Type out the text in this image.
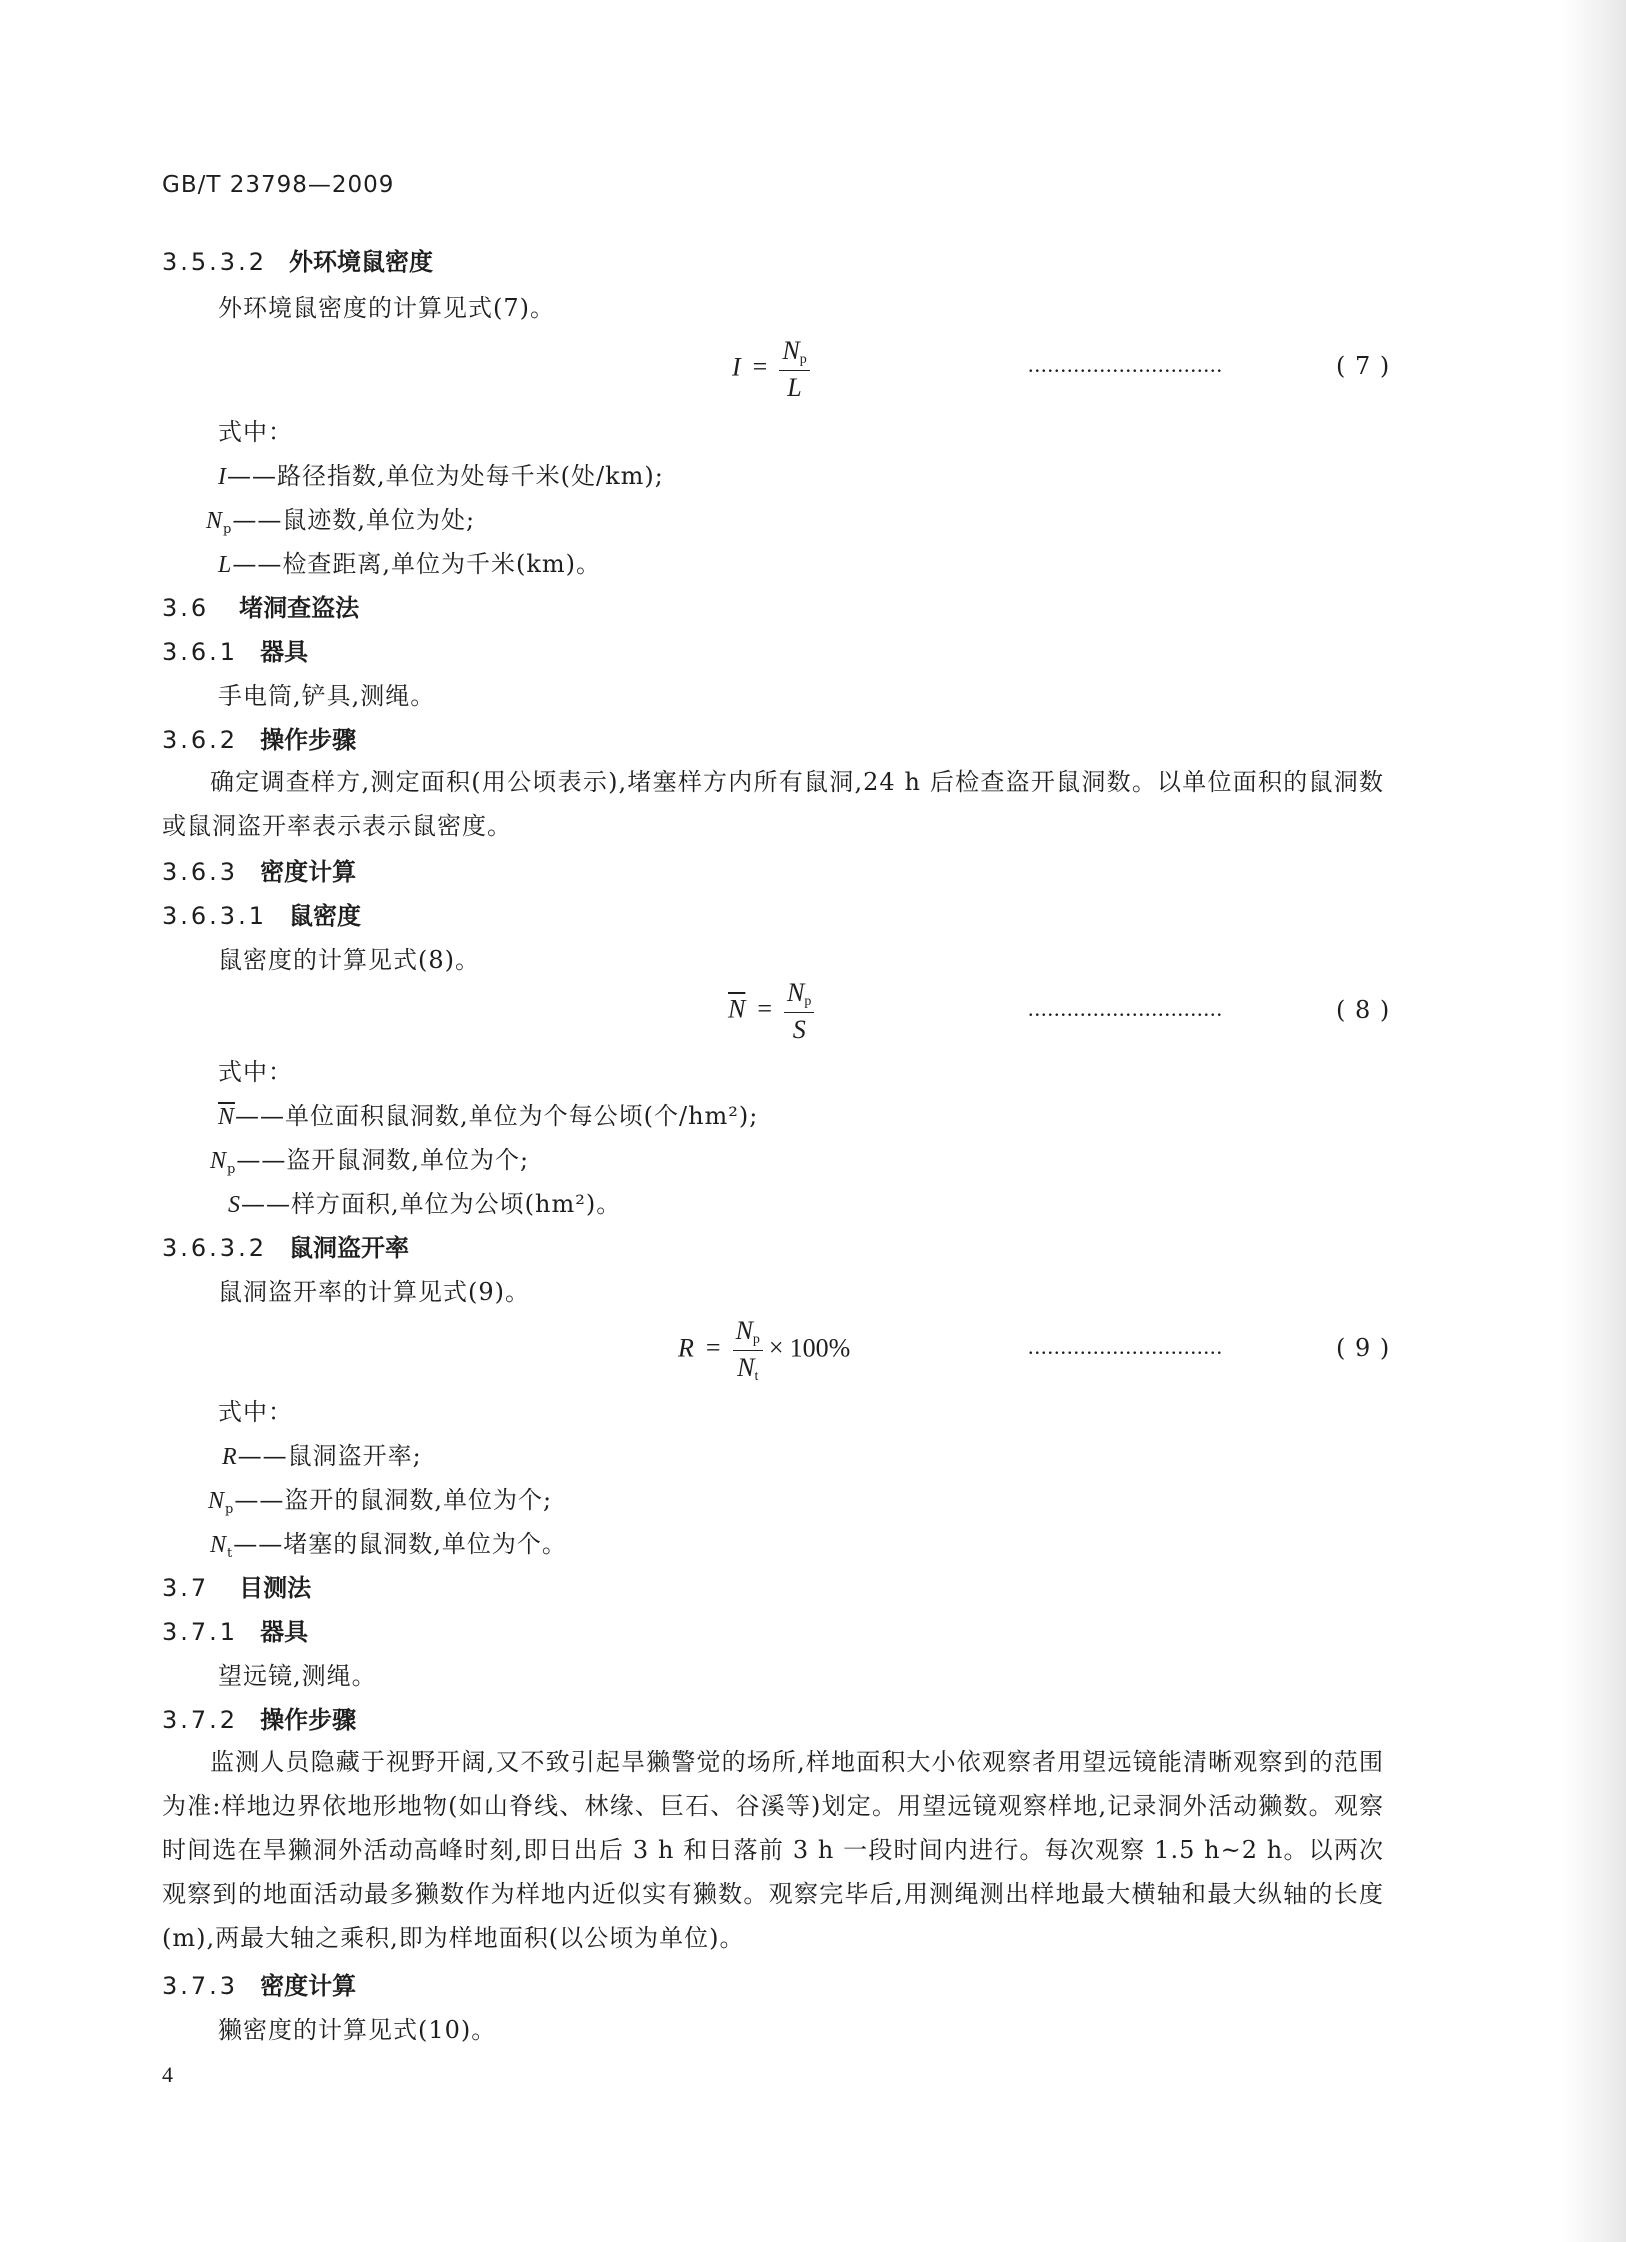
GB/T 23798—2009
3.5.3.2 外环境鼠密度
外环境鼠密度的计算见式(7)。
$I = \frac{N_p}{L}$	..............................	( 7 )
式中：
I——路径指数,单位为处每千米(处/km);
$N_p——$鼠迹数,单位为处;
L——检查距离,单位为千米(km)。
3.6 堵洞查盗法
3.6.1 器具
手电筒,铲具,测绳。
3.6.2 操作步骤
确定调查样方,测定面积(用公顷表示),堵塞样方内所有鼠洞,24 h 后检查盗开鼠洞数。以单位面积的鼠洞数或鼠洞盗开率表示表示鼠密度。
3.6.3 密度计算
3.6.3.1 鼠密度
鼠密度的计算见式(8)。
$\overline{N} = \frac{N_p}{S}$	..............................	( 8 )
式中：
$\overline{N}——$单位面积鼠洞数,单位为个每公顷(个/hm²);
$N_p——$盗开鼠洞数,单位为个;
S——样方面积,单位为公顷(hm²)。
3.6.3.2 鼠洞盗开率
鼠洞盗开率的计算见式(9)。
$R = \frac{N_p}{N_t} \times 100\%$	..............................	( 9 )
式中：
R——鼠洞盗开率;
$N_p——$盗开的鼠洞数,单位为个;
$N_t——$堵塞的鼠洞数,单位为个。
3.7 目测法
3.7.1 器具
望远镜,测绳。
3.7.2 操作步骤
监测人员隐藏于视野开阔,又不致引起旱獭警觉的场所,样地面积大小依观察者用望远镜能清晰观察到的范围为准:样地边界依地形地物(如山脊线、林缘、巨石、谷溪等)划定。用望远镜观察样地,记录洞外活动獭数。观察时间选在旱獭洞外活动高峰时刻,即日出后 3 h 和日落前 3 h 一段时间内进行。每次观察 1.5 h~2 h。以两次观察到的地面活动最多獭数作为样地内近似实有獭数。观察完毕后,用测绳测出样地最大横轴和最大纵轴的长度(m),两最大轴之乘积,即为样地面积(以公顷为单位)。
3.7.3 密度计算
獭密度的计算见式(10)。
4
